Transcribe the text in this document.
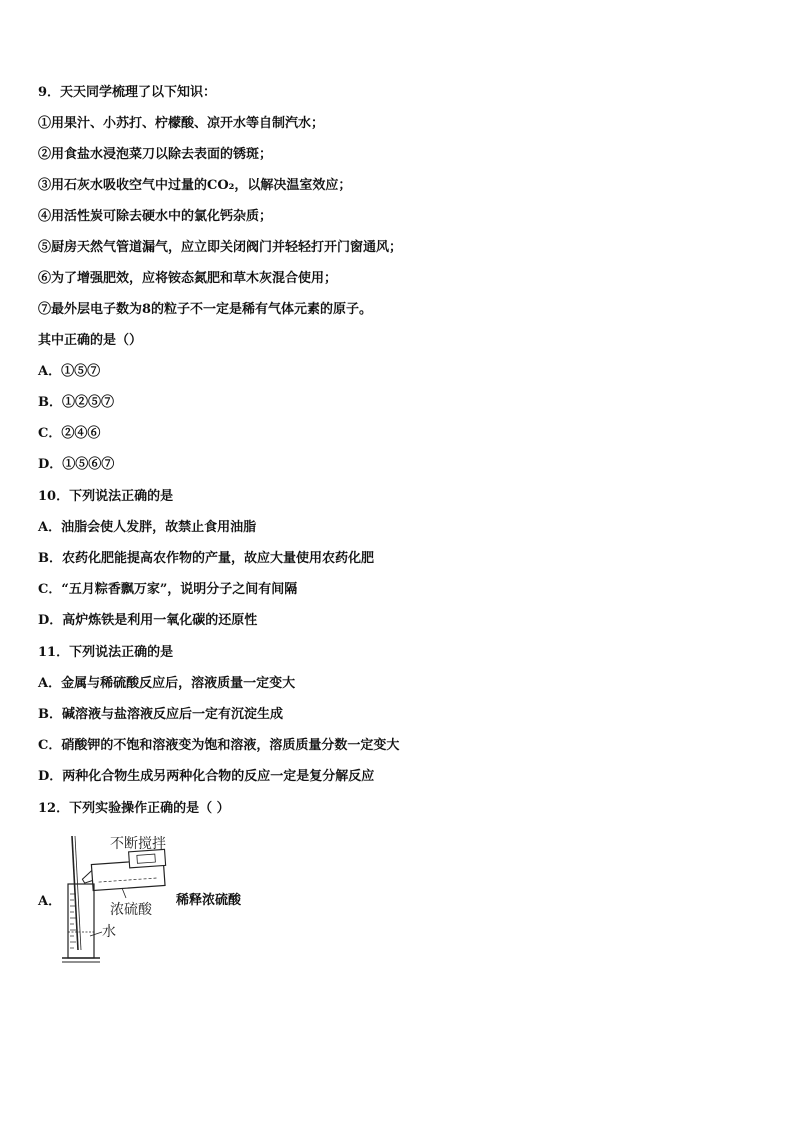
9．天天同学梳理了以下知识：
①用果汁、小苏打、柠檬酸、凉开水等自制汽水；
②用食盐水浸泡菜刀以除去表面的锈斑；
③用石灰水吸收空气中过量的CO₂，以解决温室效应；
④用活性炭可除去硬水中的氯化钙杂质；
⑤厨房天然气管道漏气，应立即关闭阀门并轻轻打开门窗通风；
⑥为了增强肥效，应将铵态氮肥和草木灰混合使用；
⑦最外层电子数为8的粒子不一定是稀有气体元素的原子。
其中正确的是（）
A．①⑤⑦
B．①②⑤⑦
C．②④⑥
D．①⑤⑥⑦
10．下列说法正确的是
A．油脂会使人发胖，故禁止食用油脂
B．农药化肥能提高农作物的产量，故应大量使用农药化肥
C．“五月粽香飘万家”，说明分子之间有间隔
D．高炉炼铁是利用一氧化碳的还原性
11．下列说法正确的是
A．金属与稀硫酸反应后，溶液质量一定变大
B．碱溶液与盐溶液反应后一定有沉淀生成
C．硝酸钾的不饱和溶液变为饱和溶液，溶质质量分数一定变大
D．两种化合物生成另两种化合物的反应一定是复分解反应
12．下列实验操作正确的是（ ）
A．
不断搅拌
浓硫酸
水
稀释浓硫酸
